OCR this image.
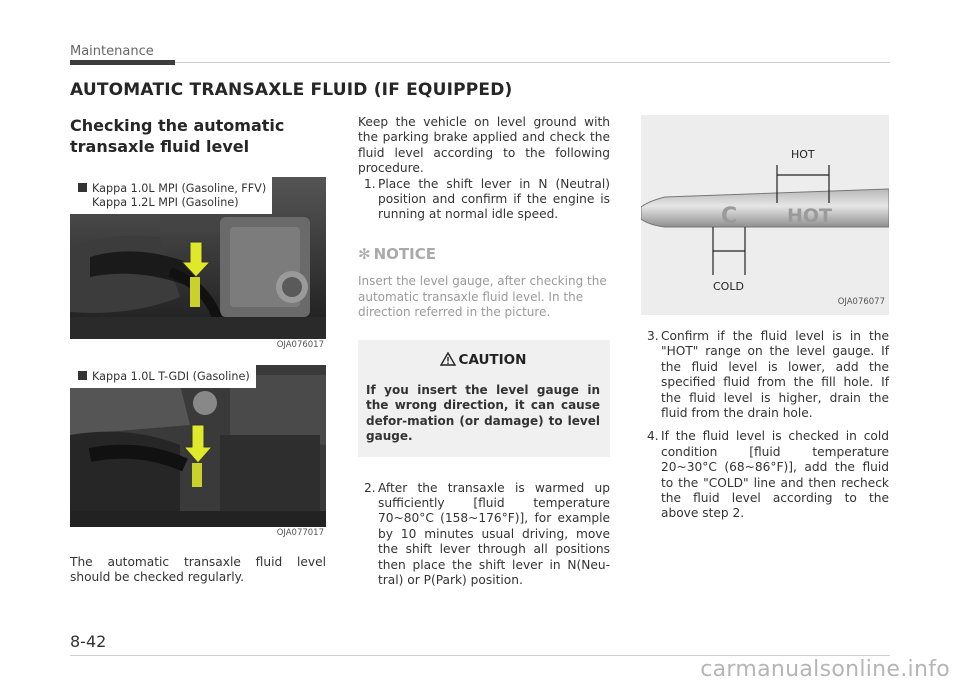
Maintenance
AUTOMATIC TRANSAXLE FLUID (IF EQUIPPED)
Checking the automatic
transaxle fluid level
Kappa 1.0L MPI (Gasoline, FFV)
Kappa 1.2L MPI (Gasoline)
OJA076017
Kappa 1.0L T-GDI (Gasoline)
OJA077017

The automatic transaxle fluid level should be checked regularly.

Keep the vehicle on level ground with the parking brake applied and check the fluid level according to the following procedure.

1. Place the shift lever in N (Neutral) position and confirm if the engine is running at normal idle speed.
✻ NOTICE

Insert the level gauge, after checking the automatic transaxle fluid level. In the direction referred in the picture.

CAUTION

If you insert the level gauge in the wrong direction, it can cause defor-mation (or damage) to level gauge.

2. After the transaxle is warmed up sufficiently [fluid temperature 70~80°C (158~176°F)], for example by 10 minutes usual driving, move the shift lever through all positions then place the shift lever in N(Neu-tral) or P(Park) position.
C	HOT
HOT
COLD
OJA076077
3. Confirm if the fluid level is in the "HOT" range on the level gauge. If the fluid level is lower, add the specified fluid from the fill hole. If the fluid level is higher, drain the fluid from the drain hole.
4. If the fluid level is checked in cold condition [fluid temperature 20~30°C (68~86°F)], add the fluid to the "COLD" line and then recheck the fluid level according to the above step 2.
8-42
carmanualsonline.info
